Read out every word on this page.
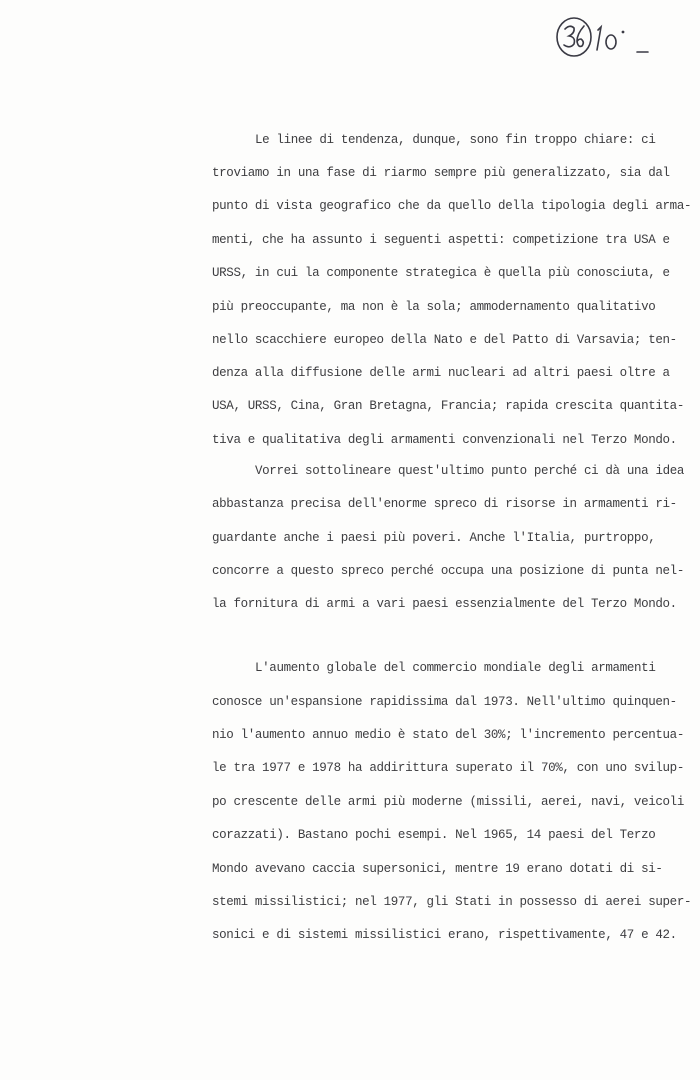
Le linee di tendenza, dunque, sono fin troppo chiare: ci

troviamo in una fase di riarmo sempre più generalizzato, sia dal

punto di vista geografico che da quello della tipologia degli arma-

menti, che ha assunto i seguenti aspetti: competizione tra USA e

URSS, in cui la componente strategica è quella più conosciuta, e

più preoccupante, ma non è la sola; ammodernamento qualitativo

nello scacchiere europeo della Nato e del Patto di Varsavia; ten-

denza alla diffusione delle armi nucleari ad altri paesi oltre a

USA, URSS, Cina, Gran Bretagna, Francia; rapida crescita quantita-

tiva e qualitativa degli armamenti convenzionali nel Terzo Mondo.

Vorrei sottolineare quest'ultimo punto perché ci dà una idea

abbastanza precisa dell'enorme spreco di risorse in armamenti ri-

guardante anche i paesi più poveri. Anche l'Italia, purtroppo,

concorre a questo spreco perché occupa una posizione di punta nel-

la fornitura di armi a vari paesi essenzialmente del Terzo Mondo.

L'aumento globale del commercio mondiale degli armamenti

conosce un'espansione rapidissima dal 1973. Nell'ultimo quinquen-

nio l'aumento annuo medio è stato del 30%; l'incremento percentua-

le tra 1977 e 1978 ha addirittura superato il 70%, con uno svilup-

po crescente delle armi più moderne (missili, aerei, navi, veicoli

corazzati). Bastano pochi esempi. Nel 1965, 14 paesi del Terzo

Mondo avevano caccia supersonici, mentre 19 erano dotati di si-

stemi missilistici; nel 1977, gli Stati in possesso di aerei super-

sonici e di sistemi missilistici erano, rispettivamente, 47 e 42.
